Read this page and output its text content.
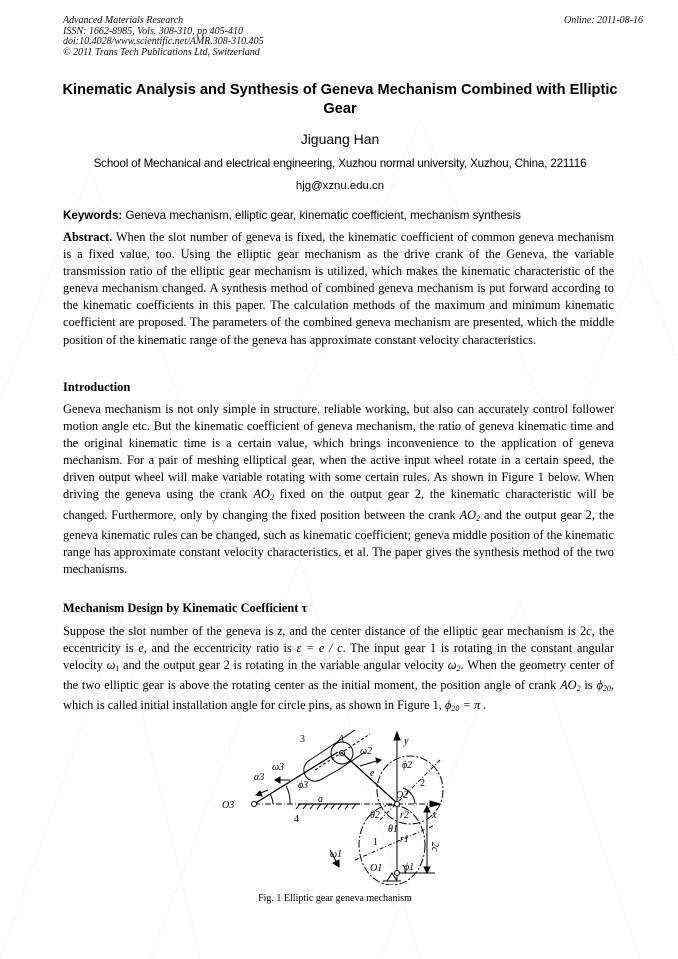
Advanced Materials Research
ISSN: 1662-8985, Vols. 308-310, pp 405-410
doi:10.4028/www.scientific.net/AMR.308-310.405
© 2011 Trans Tech Publications Ltd, Switzerland
Online: 2011-08-16
Kinematic Analysis and Synthesis of Geneva Mechanism Combined with Elliptic Gear
Jiguang Han
School of Mechanical and electrical engineering, Xuzhou normal university, Xuzhou, China, 221116
hjg@xznu.edu.cn
Keywords: Geneva mechanism, elliptic gear, kinematic coefficient, mechanism synthesis
Abstract. When the slot number of geneva is fixed, the kinematic coefficient of common geneva mechanism is a fixed value, too. Using the elliptic gear mechanism as the drive crank of the Geneva, the variable transmission ratio of the elliptic gear mechanism is utilized, which makes the kinematic characteristic of the geneva mechanism changed. A synthesis method of combined geneva mechanism is put forward according to the kinematic coefficients in this paper. The calculation methods of the maximum and minimum kinematic coefficient are proposed. The parameters of the combined geneva mechanism are presented, which the middle position of the kinematic range of the geneva has approximate constant velocity characteristics.
Introduction
Geneva mechanism is not only simple in structure, reliable working, but also can accurately control follower motion angle etc. But the kinematic coefficient of geneva mechanism, the ratio of geneva kinematic time and the original kinematic time is a certain value, which brings inconvenience to the application of geneva mechanism. For a pair of meshing elliptical gear, when the active input wheel rotate in a certain speed, the driven output wheel will make variable rotating with some certain rules. As shown in Figure 1 below. When driving the geneva using the crank $AO_2$ fixed on the output gear 2, the kinematic characteristic will be changed. Furthermore, only by changing the fixed position between the crank $AO_2$ and the output gear 2, the geneva kinematic rules can be changed, such as kinematic coefficient; geneva middle position of the kinematic range has approximate constant velocity characteristics, et al. The paper gives the synthesis method of the two mechanisms.
Mechanism Design by Kinematic Coefficient τ
Suppose the slot number of the geneva is z, and the center distance of the elliptic gear mechanism is 2c, the eccentricity is e, and the eccentricity ratio is ε = e / c. The input gear 1 is rotating in the constant angular velocity $\omega_1$ and the output gear 2 is rotating in the variable angular velocity $\omega_2$. When the geometry center of the two elliptic gear is above the rotating center as the initial moment, the position angle of crank $AO_2$ is $\phi_{20}$, which is called initial installation angle for circle pins, as shown in Figure 1, $\phi_{20} = \pi$ .
A
3
ω3
α3
ϕ3
O3
a
4
ω2
e
ϕ2
O2
2
y
x
θ2 r2
θ1
r1
1
ω1
O1 ϕ1
2c
Fig. 1 Elliptic gear geneva mechanism
